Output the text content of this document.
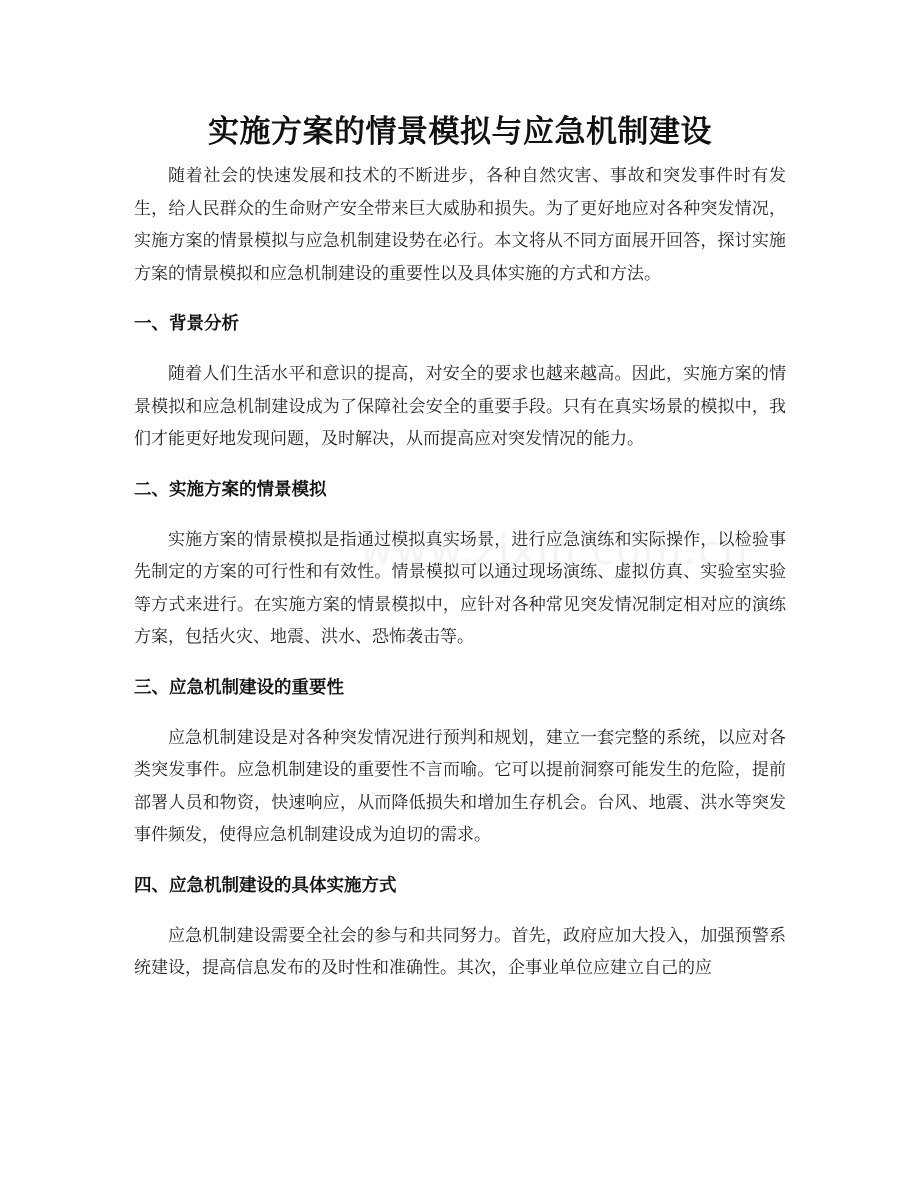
实施方案的情景模拟与应急机制建设

随着社会的快速发展和技术的不断进步，各种自然灾害、事故和突发事件时有发生，给人民群众的生命财产安全带来巨大威胁和损失。为了更好地应对各种突发情况，实施方案的情景模拟与应急机制建设势在必行。本文将从不同方面展开回答，探讨实施方案的情景模拟和应急机制建设的重要性以及具体实施的方式和方法。

一、背景分析

随着人们生活水平和意识的提高，对安全的要求也越来越高。因此，实施方案的情景模拟和应急机制建设成为了保障社会安全的重要手段。只有在真实场景的模拟中，我们才能更好地发现问题，及时解决，从而提高应对突发情况的能力。

二、实施方案的情景模拟

实施方案的情景模拟是指通过模拟真实场景，进行应急演练和实际操作，以检验事先制定的方案的可行性和有效性。情景模拟可以通过现场演练、虚拟仿真、实验室实验等方式来进行。在实施方案的情景模拟中，应针对各种常见突发情况制定相对应的演练方案，包括火灾、地震、洪水、恐怖袭击等。

三、应急机制建设的重要性

应急机制建设是对各种突发情况进行预判和规划，建立一套完整的系统，以应对各类突发事件。应急机制建设的重要性不言而喻。它可以提前洞察可能发生的危险，提前部署人员和物资，快速响应，从而降低损失和增加生存机会。台风、地震、洪水等突发事件频发，使得应急机制建设成为迫切的需求。

四、应急机制建设的具体实施方式

应急机制建设需要全社会的参与和共同努力。首先，政府应加大投入，加强预警系统建设，提高信息发布的及时性和准确性。其次，企事业单位应建立自己的应
